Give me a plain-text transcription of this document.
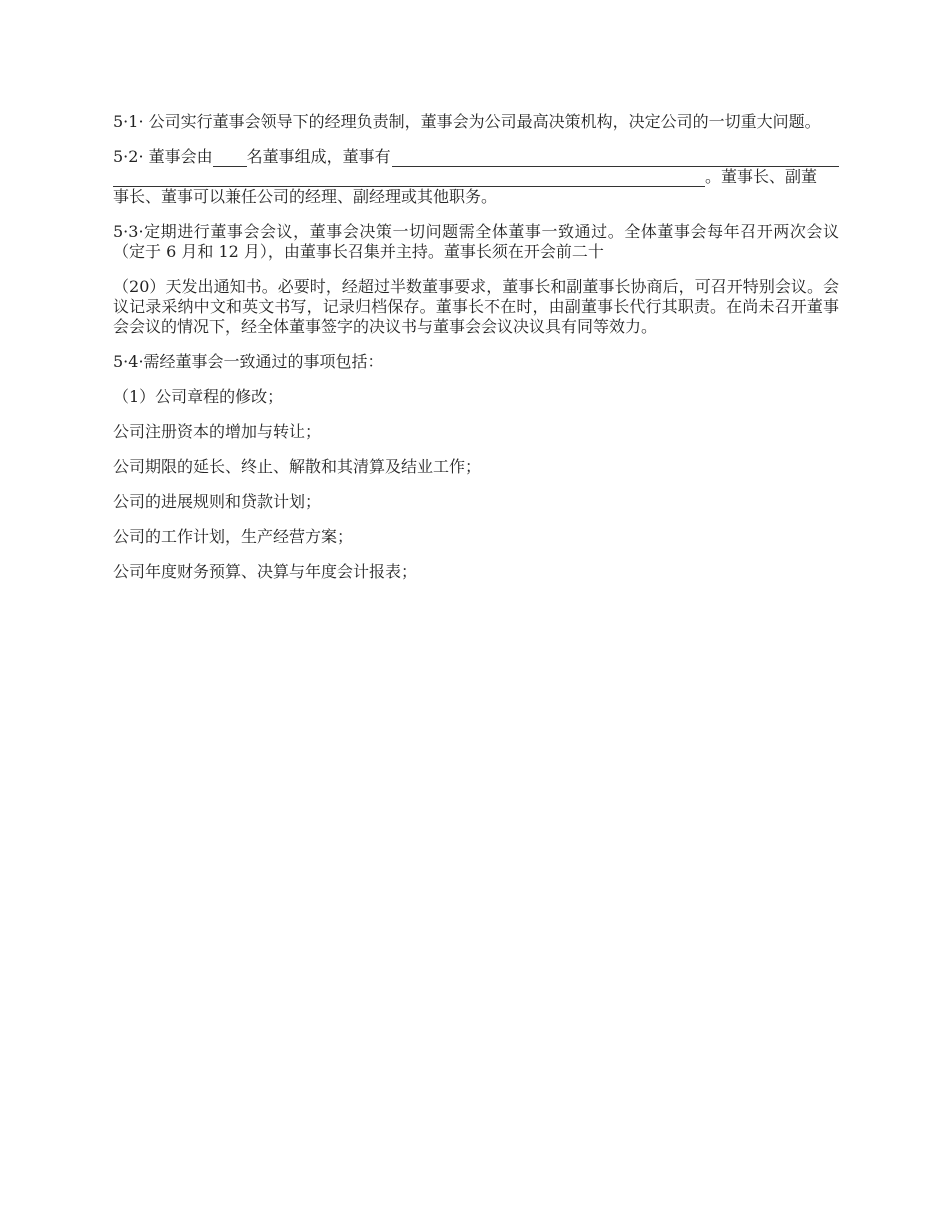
5·1· 公司实行董事会领导下的经理负责制，董事会为公司最高决策机构，决定公司的一切重大问题。

5·2· 董事会由 名董事组成，董事有
。董事长、副董
事长、董事可以兼任公司的经理、副经理或其他职务。

5·3·定期进行董事会会议，董事会决策一切问题需全体董事一致通过。全体董事会每年召开两次会议（定于 6 月和 12 月），由董事长召集并主持。董事长须在开会前二十

（20）天发出通知书。必要时，经超过半数董事要求，董事长和副董事长协商后，可召开特别会议。会议记录采纳中文和英文书写，记录归档保存。董事长不在时，由副董事长代行其职责。在尚未召开董事会会议的情况下，经全体董事签字的决议书与董事会会议决议具有同等效力。

5·4·需经董事会一致通过的事项包括：

（1）公司章程的修改；

公司注册资本的增加与转让；

公司期限的延长、终止、解散和其清算及结业工作；

公司的进展规则和贷款计划；

公司的工作计划，生产经营方案；

公司年度财务预算、决算与年度会计报表；
